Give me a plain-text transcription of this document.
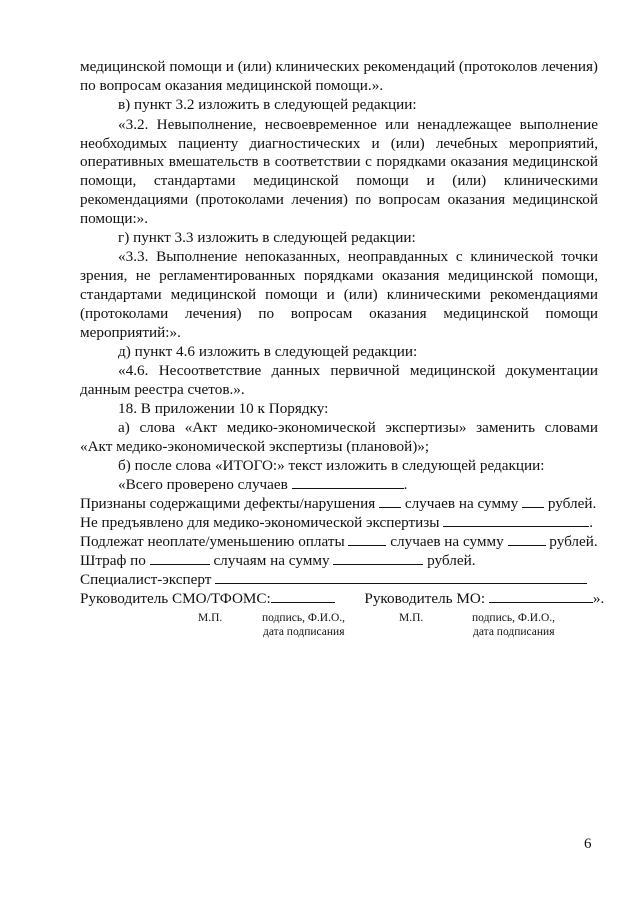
медицинской помощи и (или) клинических рекомендаций (протоколов лечения)
по вопросам оказания медицинской помощи.».
в) пункт 3.2 изложить в следующей редакции:
«3.2. Невыполнение, несвоевременное или ненадлежащее выполнение
необходимых пациенту диагностических и (или) лечебных мероприятий,
оперативных вмешательств в соответствии с порядками оказания медицинской
помощи, стандартами медицинской помощи и (или) клиническими
рекомендациями (протоколами лечения) по вопросам оказания медицинской
помощи:».
г) пункт 3.3 изложить в следующей редакции:
«3.3. Выполнение непоказанных, неоправданных с клинической точки
зрения, не регламентированных порядками оказания медицинской помощи,
стандартами медицинской помощи и (или) клиническими рекомендациями
(протоколами лечения) по вопросам оказания медицинской помощи
мероприятий:».
д) пункт 4.6 изложить в следующей редакции:
«4.6. Несоответствие данных первичной медицинской документации
данным реестра счетов.».
18. В приложении 10 к Порядку:
а) слова «Акт медико-экономической экспертизы» заменить словами
«Акт медико-экономической экспертизы (плановой)»;
б) после слова «ИТОГО:» текст изложить в следующей редакции:
«Всего проверено случаев	.
Признаны содержащими дефекты/нарушения случаев на сумму рублей.
Не предъявлено для медико-экономической экспертизы	.
Подлежат неоплате/уменьшению оплаты	случаев на сумму	рублей.
Штраф по	случаям на сумму	рублей.
Специалист-эксперт
Руководитель СМО/ТФОМС:	Руководитель МО:	».
М.П.	подпись, Ф.И.О.,
дата подписания
М.П.	подпись, Ф.И.О.,
дата подписания
6
